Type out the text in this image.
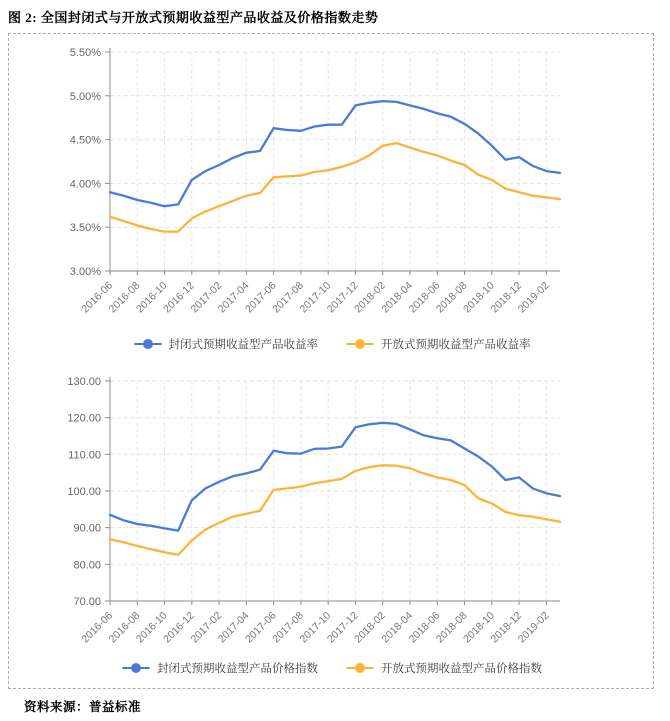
图 2: 全国封闭式与开放式预期收益型产品收益及价格指数走势
3.00%
3.50%
4.00%
4.50%
5.00%
5.50%
2016-06
2016-08
2016-10
2016-12
2017-02
2017-04
2017-06
2017-08
2017-10
2017-12
2018-02
2018-04
2018-06
2018-08
2018-10
2018-12
2019-02
封闭式预期收益型产品收益率	开放式预期收益型产品收益率
70.00
80.00
90.00
100.00
110.00
120.00
130.00
2016-06
2016-08
2016-10
2016-12
2017-02
2017-04
2017-06
2017-08
2017-10
2017-12
2018-02
2018-04
2018-06
2018-08
2018-10
2018-12
2019-02
封闭式预期收益型产品价格指数	开放式预期收益型产品价格指数
资料来源：普益标准
